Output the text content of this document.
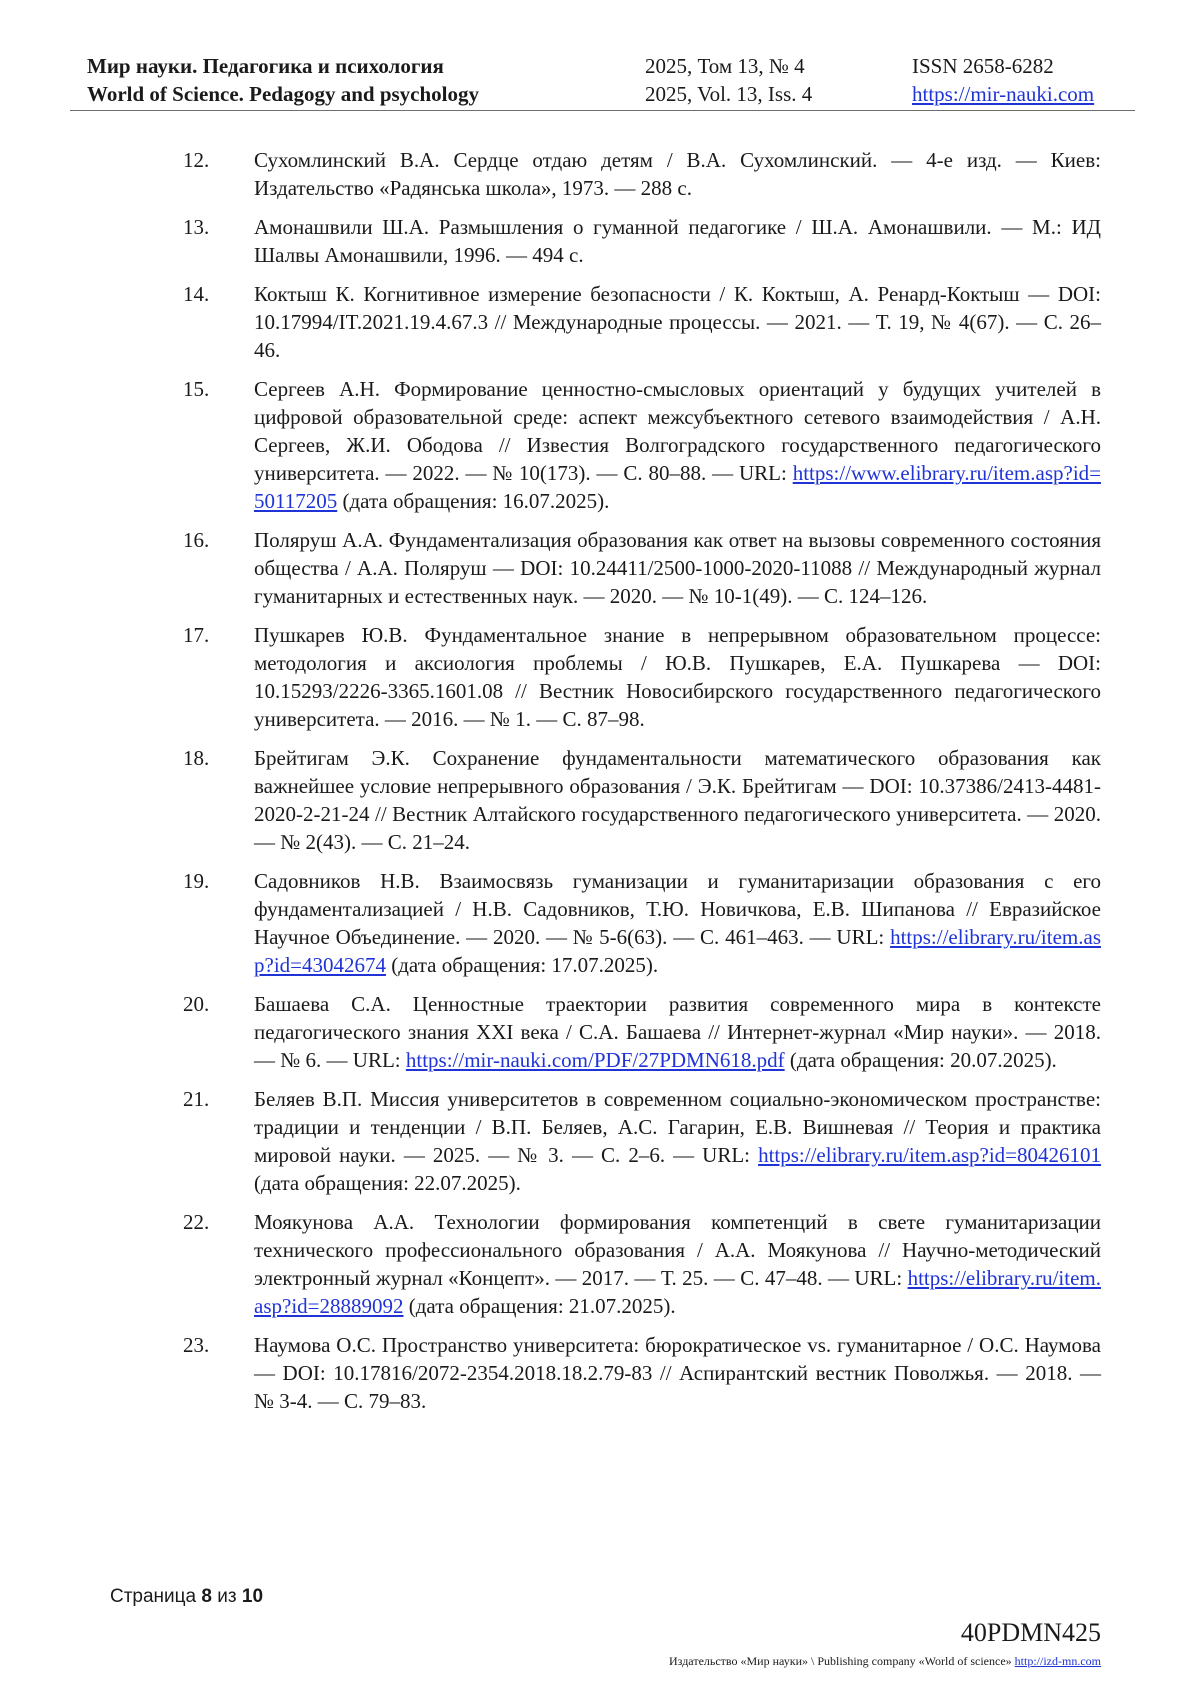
Мир науки. Педагогика и психология
World of Science. Pedagogy and psychology
2025, Том 13, № 4
2025, Vol. 13, Iss. 4
ISSN 2658-6282
https://mir-nauki.com
12.	Сухомлинский В.А. Сердце отдаю детям / В.А. Сухомлинский. — 4-е изд. — Киев: Издательство «Радянська школа», 1973. — 288 с.
13.	Амонашвили Ш.А. Размышления о гуманной педагогике / Ш.А. Амонашвили. — М.: ИД Шалвы Амонашвили, 1996. — 494 с.
14.	Коктыш К. Когнитивное измерение безопасности / К. Коктыш, А. Ренард-Коктыш — DOI: 10.17994/IT.2021.19.4.67.3 // Международные процессы. — 2021. — Т. 19, № 4(67). — С. 26–46.
15.	Сергеев А.Н. Формирование ценностно-смысловых ориентаций у будущих учителей в цифровой образовательной среде: аспект межсубъектного сетевого взаимодействия / А.Н. Сергеев, Ж.И. Ободова // Известия Волгоградского государственного педагогического университета. — 2022. — № 10(173). — С. 80–88. — URL: https://www.elibrary.ru/item.asp?id=50117205 (дата обращения: 16.07.2025).
16.	Поляруш А.А. Фундаментализация образования как ответ на вызовы современного состояния общества / А.А. Поляруш — DOI: 10.24411/2500-1000-2020-11088 // Международный журнал гуманитарных и естественных наук. — 2020. — № 10-1(49). — С. 124–126.
17.	Пушкарев Ю.В. Фундаментальное знание в непрерывном образовательном процессе: методология и аксиология проблемы / Ю.В. Пушкарев, Е.А. Пушкарева — DOI: 10.15293/2226-3365.1601.08 // Вестник Новосибирского государственного педагогического университета. — 2016. — № 1. — С. 87–98.
18.	Брейтигам Э.К. Сохранение фундаментальности математического образования как важнейшее условие непрерывного образования / Э.К. Брейтигам — DOI: 10.37386/2413-4481-2020-2-21-24 // Вестник Алтайского государственного педагогического университета. — 2020. — № 2(43). — С. 21–24.
19.	Садовников Н.В. Взаимосвязь гуманизации и гуманитаризации образования с его фундаментализацией / Н.В. Садовников, Т.Ю. Новичкова, Е.В. Шипанова // Евразийское Научное Объединение. — 2020. — № 5-6(63). — С. 461–463. — URL: https://elibrary.ru/item.asp?id=43042674 (дата обращения: 17.07.2025).
20.	Башаева С.А. Ценностные траектории развития современного мира в контексте педагогического знания XXI века / С.А. Башаева // Интернет-журнал «Мир науки». — 2018. — № 6. — URL: https://mir-nauki.com/PDF/27PDMN618.pdf (дата обращения: 20.07.2025).
21.	Беляев В.П. Миссия университетов в современном социально-экономическом пространстве: традиции и тенденции / В.П. Беляев, А.С. Гагарин, Е.В. Вишневая // Теория и практика мировой науки. — 2025. — № 3. — С. 2–6. — URL: https://elibrary.ru/item.asp?id=80426101 (дата обращения: 22.07.2025).
22.	Моякунова А.А. Технологии формирования компетенций в свете гуманитаризации технического профессионального образования / А.А. Моякунова // Научно-методический электронный журнал «Концепт». — 2017. — Т. 25. — С. 47–48. — URL: https://elibrary.ru/item.asp?id=28889092 (дата обращения: 21.07.2025).
23.	Наумова О.С. Пространство университета: бюрократическое vs. гуманитарное / О.С. Наумова — DOI: 10.17816/2072-2354.2018.18.2.79-83 // Аспирантский вестник Поволжья. — 2018. — № 3-4. — С. 79–83.
Страница 8 из 10
40PDMN425
Издательство «Мир науки» \ Publishing company «World of science» http://izd-mn.com
